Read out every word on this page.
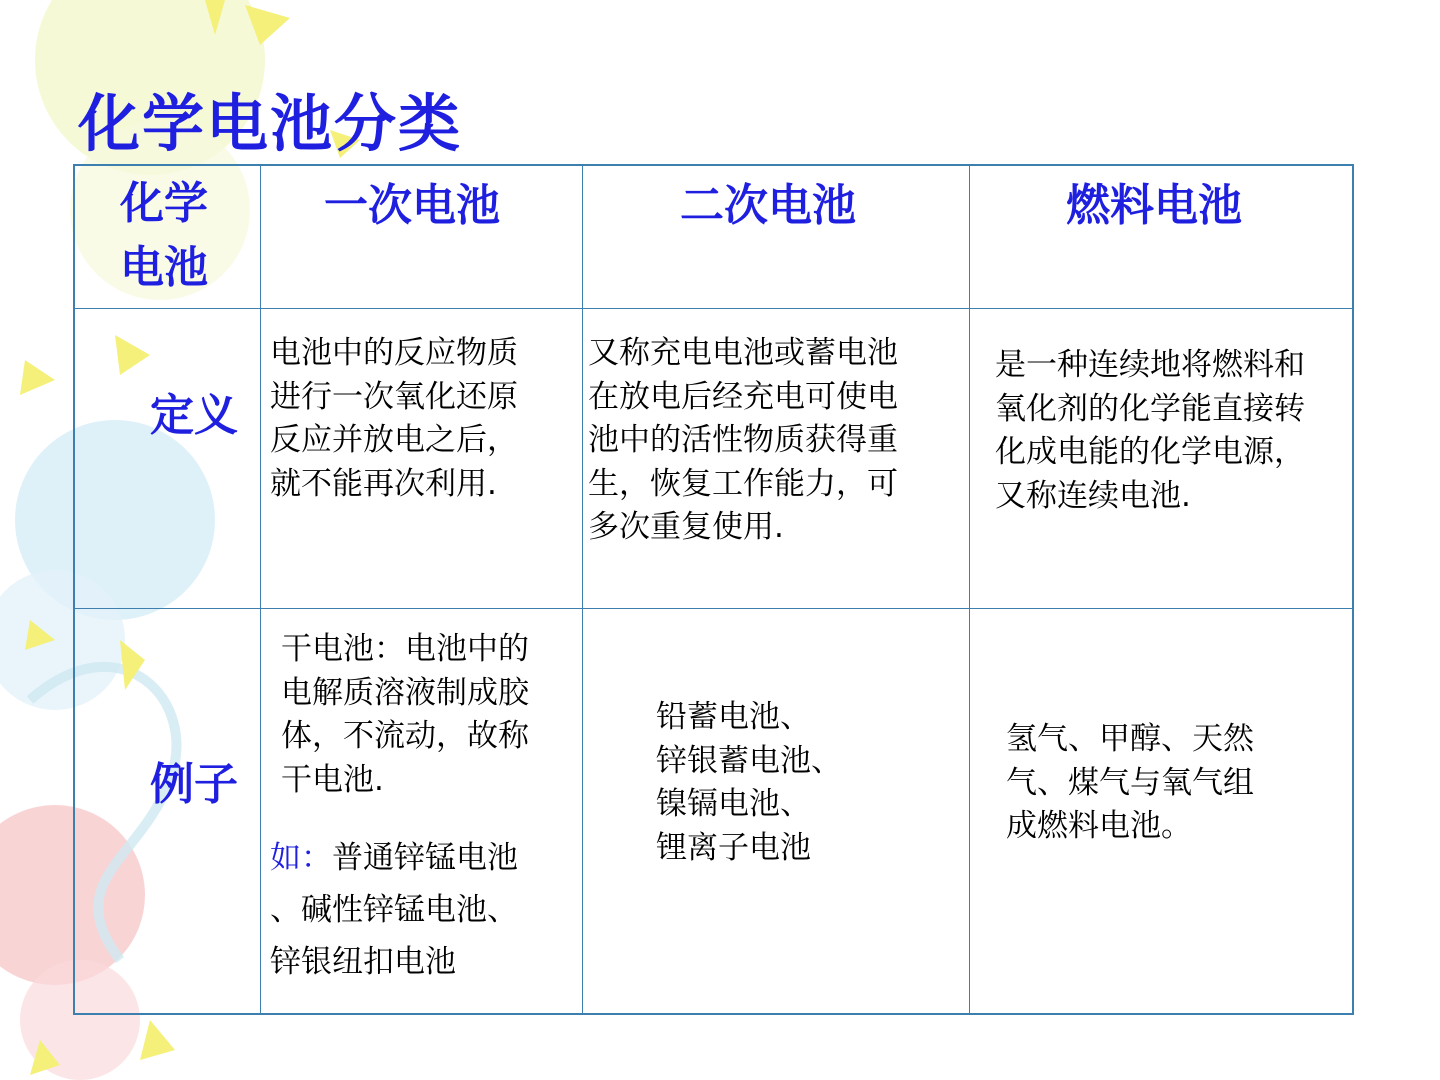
化学电池分类
化学
电池
一次电池	二次电池	燃料电池
定义
电池中的反应物质
进行一次氧化还原
反应并放电之后，
就不能再次利用.
又称充电电池或蓄电池
在放电后经充电可使电
池中的活性物质获得重
生，恢复工作能力，可
多次重复使用.
是一种连续地将燃料和
氧化剂的化学能直接转
化成电能的化学电源，
又称连续电池.
例子
干电池：电池中的
电解质溶液制成胶
体，不流动，故称
干电池.
如：普通锌锰电池
、碱性锌锰电池、
锌银纽扣电池
铅蓄电池、
锌银蓄电池、
镍镉电池、
锂离子电池
氢气、甲醇、天然
气、煤气与氧气组
成燃料电池。
